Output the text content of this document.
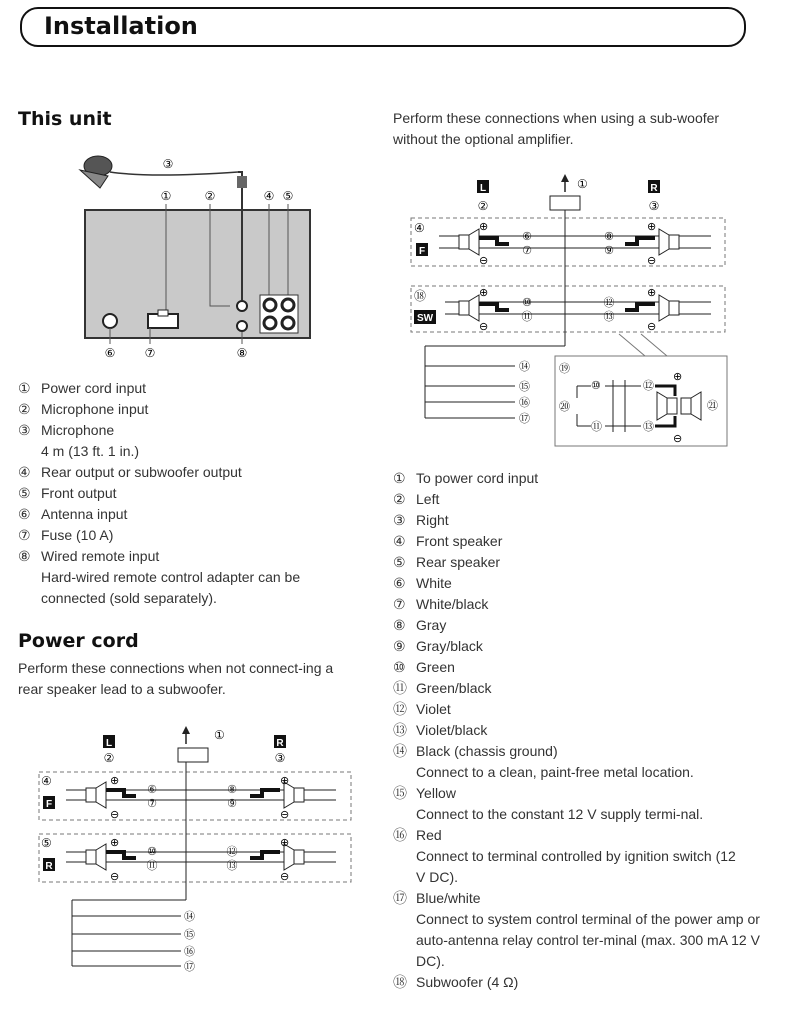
Installation
This unit
③
①	②	④ ⑤
⑥ ⑦	⑧
① Power cord input
② Microphone input
③ Microphone
4 m (13 ft. 1 in.)
④ Rear output or subwoofer output
⑤ Front output
⑥ Antenna input
⑦ Fuse (10 A)
⑧ Wired remote input
Hard-wired remote control adapter can be connected (sold separately).
Power cord
Perform these connections when not connect-ing a rear speaker lead to a subwoofer.
L
②
R
③
①
④
F
⊕
⊖
⑥
⑦
⑧
⑨
⊕
⊖
⑤
R
⊕
⊖
⑩
⑪
⑫
⑬
⊕
⊖
⑭
⑮
⑯
⑰
Perform these connections when using a sub-woofer without the optional amplifier.
L
②
R
③
①
④
F
⊕
⊖
⑥
⑦
⑧
⑨
⊕
⊖
⑱
SW
⊕
⊖
⑩
⑪
⑫
⑬
⊕
⊖
⑭
⑮
⑯
⑰
⑲
⑩
⑳
⑪
⑫
⑬
㉑
⊕
⊖
① To power cord input
② Left
③ Right
④ Front speaker
⑤ Rear speaker
⑥ White
⑦ White/black
⑧ Gray
⑨ Gray/black
⑩ Green
⑪ Green/black
⑫ Violet
⑬ Violet/black
⑭ Black (chassis ground)
Connect to a clean, paint-free metal location.
⑮ Yellow
Connect to the constant 12 V supply termi-nal.
⑯ Red
Connect to terminal controlled by ignition switch (12 V DC).
⑰ Blue/white
Connect to system control terminal of the power amp or auto-antenna relay control ter-minal (max. 300 mA 12 V DC).
⑱ Subwoofer (4 Ω)
